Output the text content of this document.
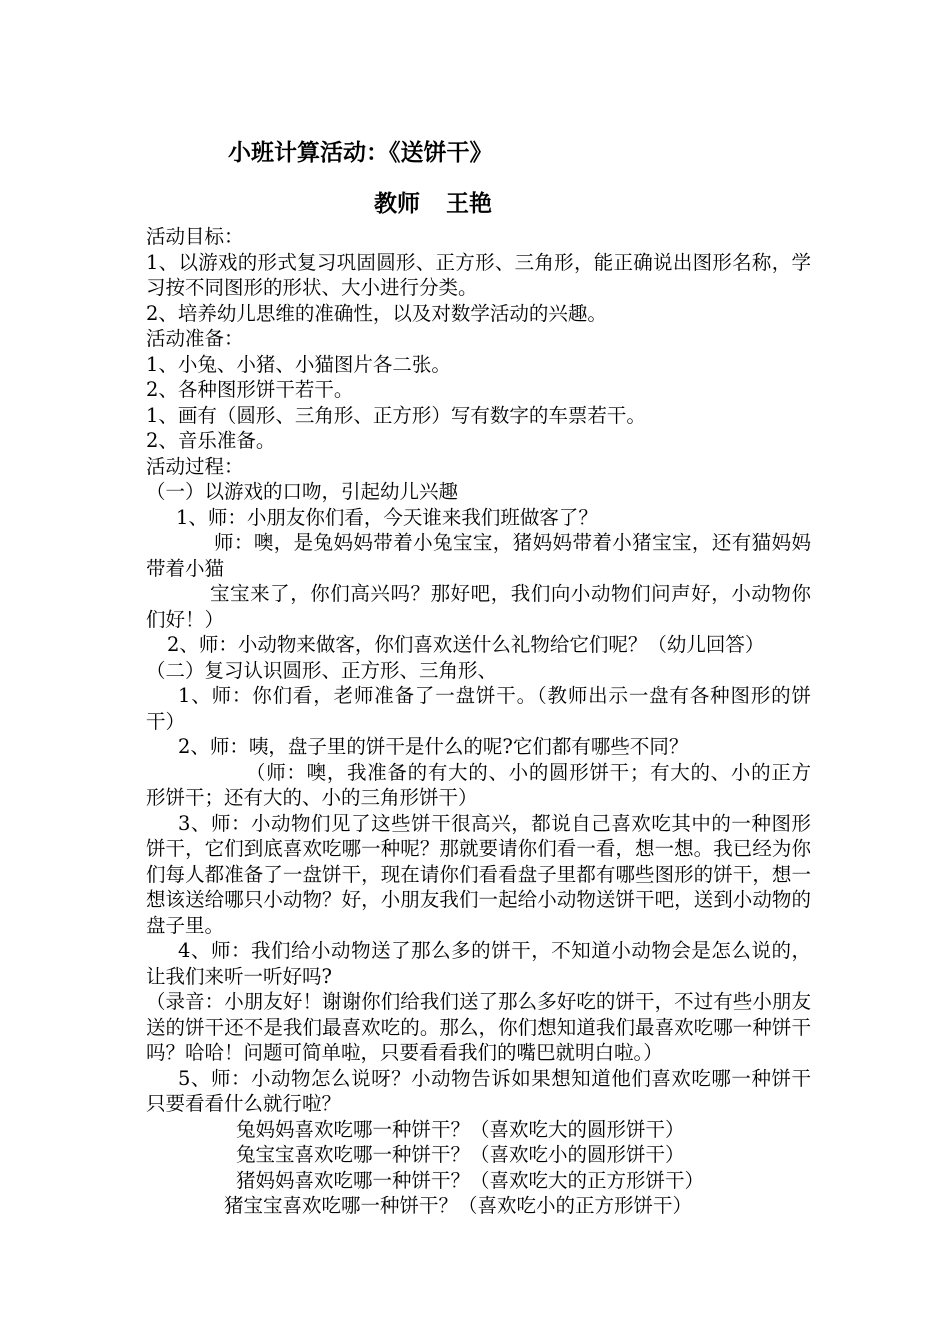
小班计算活动：《送饼干》
教师 王艳

活动目标：

1、以游戏的形式复习巩固圆形、正方形、三角形，能正确说出图形名称，学习按不同图形的形状、大小进行分类。

2、培养幼儿思维的准确性，以及对数学活动的兴趣。

活动准备：

1、小兔、小猪、小猫图片各二张。

2、各种图形饼干若干。

1、画有（圆形、三角形、正方形）写有数字的车票若干。

2、音乐准备。

活动过程：

（一）以游戏的口吻，引起幼儿兴趣

1、师：小朋友你们看，今天谁来我们班做客了？

师：噢，是兔妈妈带着小兔宝宝，猪妈妈带着小猪宝宝，还有猫妈妈带着小猫

宝宝来了，你们高兴吗？那好吧，我们向小动物们问声好，小动物你们好！）

2、师：小动物来做客，你们喜欢送什么礼物给它们呢？（幼儿回答）

（二）复习认识圆形、正方形、三角形、

1、师：你们看，老师准备了一盘饼干。（教师出示一盘有各种图形的饼干）

2、师：咦，盘子里的饼干是什么的呢?它们都有哪些不同？

（师：噢，我准备的有大的、小的圆形饼干；有大的、小的正方形饼干；还有大的、小的三角形饼干）

3、师：小动物们见了这些饼干很高兴，都说自己喜欢吃其中的一种图形饼干，它们到底喜欢吃哪一种呢？那就要请你们看一看，想一想。我已经为你们每人都准备了一盘饼干，现在请你们看看盘子里都有哪些图形的饼干，想一想该送给哪只小动物？好，小朋友我们一起给小动物送饼干吧，送到小动物的盘子里。

4、师：我们给小动物送了那么多的饼干，不知道小动物会是怎么说的，让我们来听一听好吗?

（录音：小朋友好！谢谢你们给我们送了那么多好吃的饼干，不过有些小朋友送的饼干还不是我们最喜欢吃的。那么，你们想知道我们最喜欢吃哪一种饼干吗？哈哈！问题可简单啦，只要看看我们的嘴巴就明白啦。）

5、师：小动物怎么说呀？小动物告诉如果想知道他们喜欢吃哪一种饼干只要看看什么就行啦？

兔妈妈喜欢吃哪一种饼干？（喜欢吃大的圆形饼干）

兔宝宝喜欢吃哪一种饼干？（喜欢吃小的圆形饼干）

猪妈妈喜欢吃哪一种饼干？（喜欢吃大的正方形饼干）

猪宝宝喜欢吃哪一种饼干？（喜欢吃小的正方形饼干）
